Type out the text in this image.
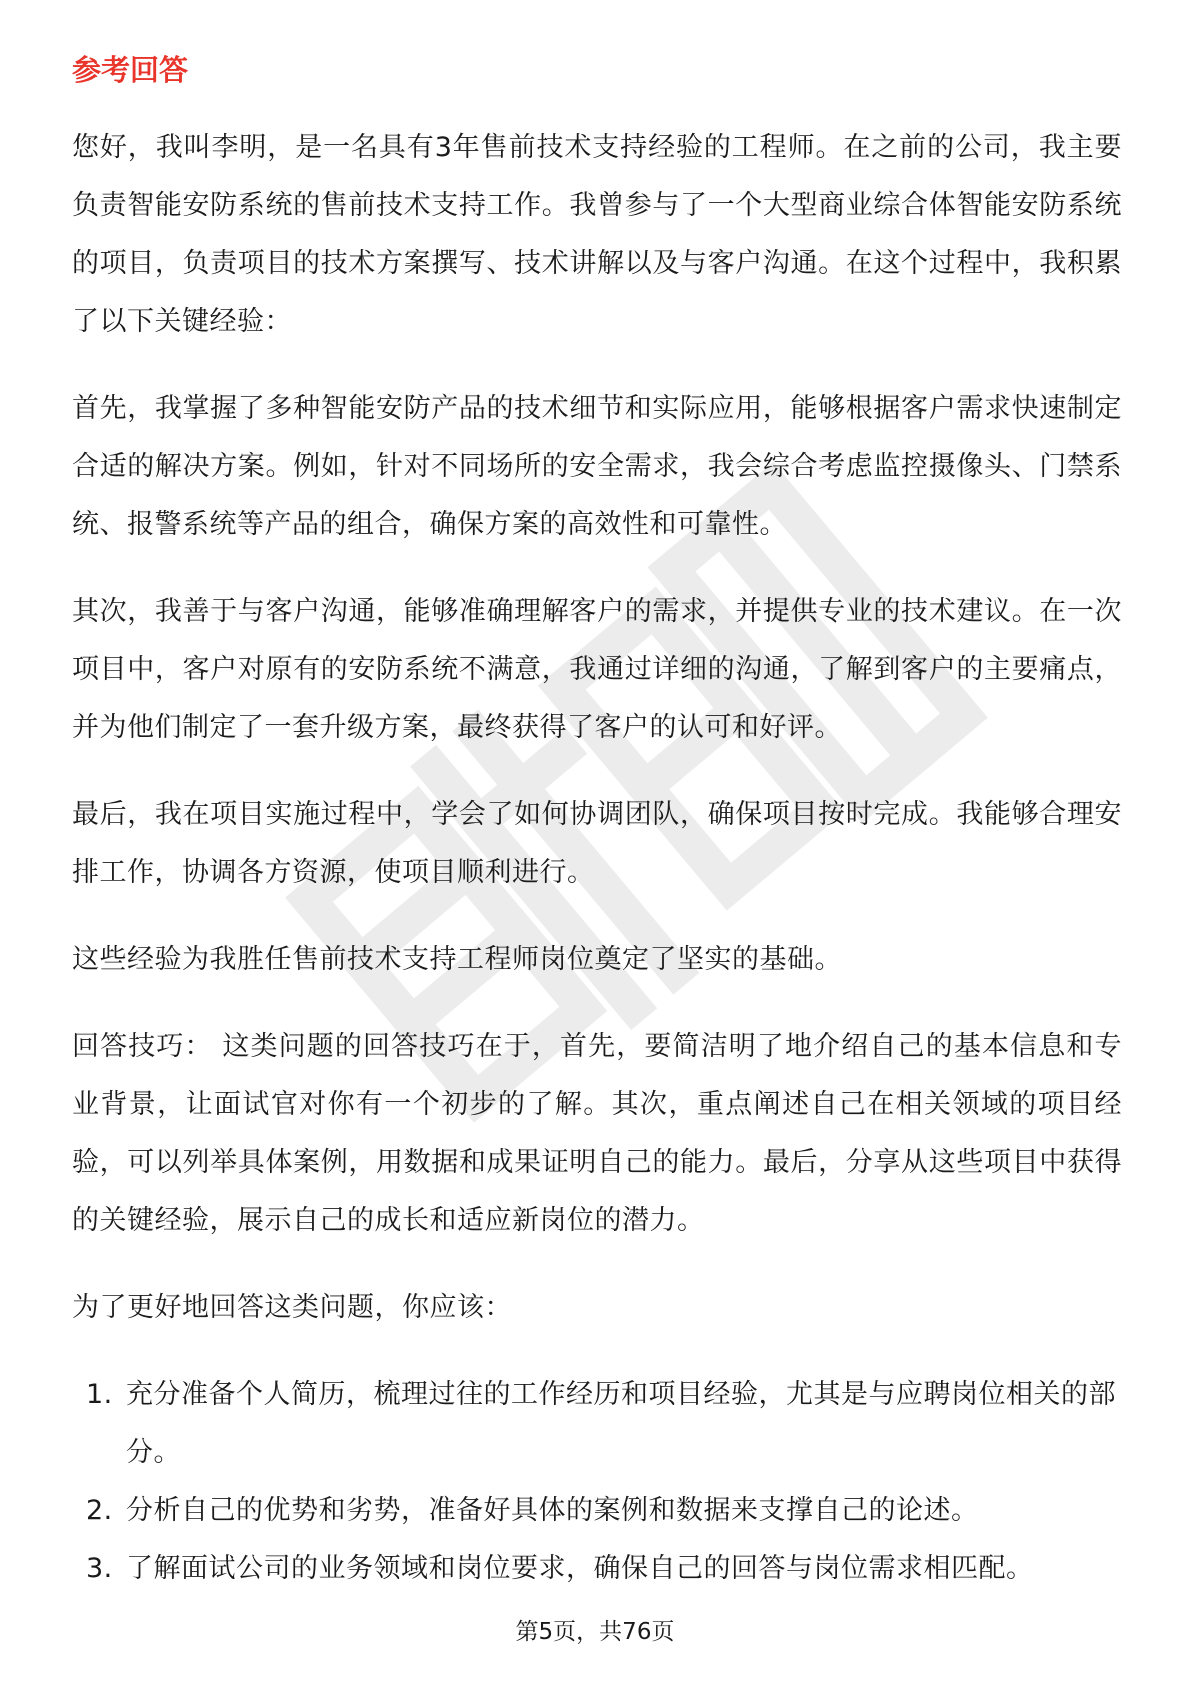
参考回答

您好，我叫李明，是一名具有3年售前技术支持经验的工程师。在之前的公司，我主要负责智能安防系统的售前技术支持工作。我曾参与了一个大型商业综合体智能安防系统的项目，负责项目的技术方案撰写、技术讲解以及与客户沟通。在这个过程中，我积累了以下关键经验：

首先，我掌握了多种智能安防产品的技术细节和实际应用，能够根据客户需求快速制定合适的解决方案。例如，针对不同场所的安全需求，我会综合考虑监控摄像头、门禁系统、报警系统等产品的组合，确保方案的高效性和可靠性。

其次，我善于与客户沟通，能够准确理解客户的需求，并提供专业的技术建议。在一次项目中，客户对原有的安防系统不满意，我通过详细的沟通，了解到客户的主要痛点，并为他们制定了一套升级方案，最终获得了客户的认可和好评。

最后，我在项目实施过程中，学会了如何协调团队，确保项目按时完成。我能够合理安排工作，协调各方资源，使项目顺利进行。

这些经验为我胜任售前技术支持工程师岗位奠定了坚实的基础。

回答技巧： 这类问题的回答技巧在于，首先，要简洁明了地介绍自己的基本信息和专业背景，让面试官对你有一个初步的了解。其次，重点阐述自己在相关领域的项目经验，可以列举具体案例，用数据和成果证明自己的能力。最后，分享从这些项目中获得的关键经验，展示自己的成长和适应新岗位的潜力。

为了更好地回答这类问题，你应该：

1. 充分准备个人简历，梳理过往的工作经历和项目经验，尤其是与应聘岗位相关的部分。
2. 分析自己的优势和劣势，准备好具体的案例和数据来支撑自己的论述。
3. 了解面试公司的业务领域和岗位要求，确保自己的回答与岗位需求相匹配。
第5页，共76页
